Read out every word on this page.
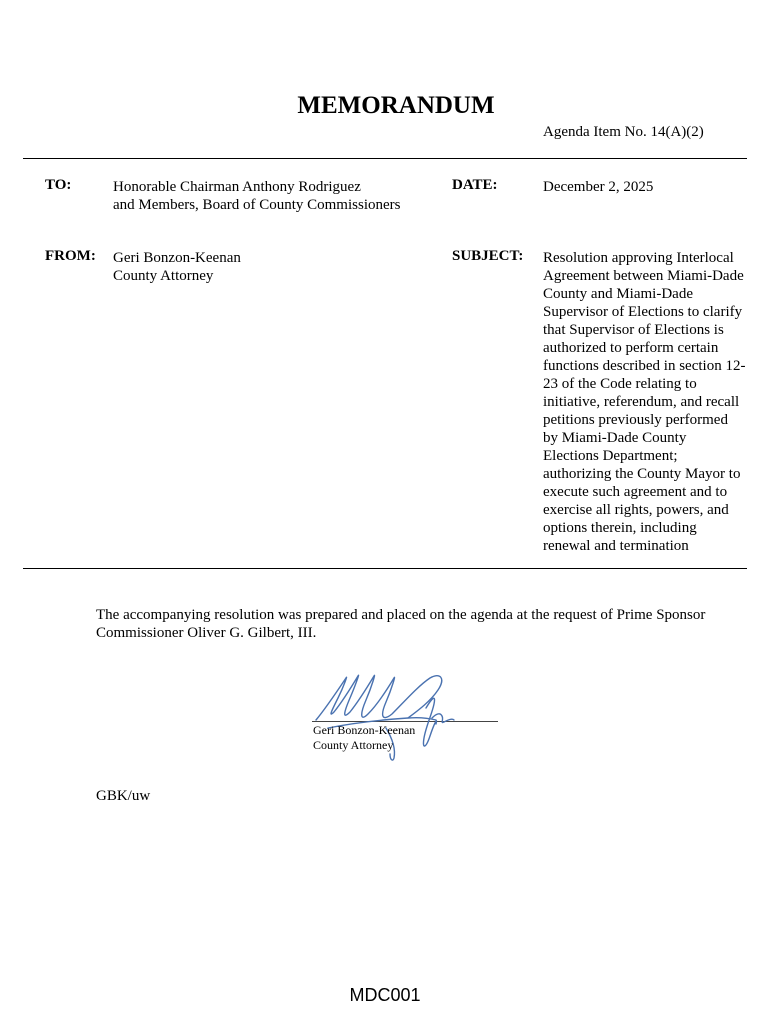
MEMORANDUM
Agenda Item No. 14(A)(2)
TO:	Honorable Chairman Anthony Rodriguez
and Members, Board of County Commissioners
DATE:	December 2, 2025
FROM: Geri Bonzon-Keenan
County Attorney
SUBJECT: Resolution approving Interlocal
Agreement between Miami-Dade
County and Miami-Dade
Supervisor of Elections to clarify
that Supervisor of Elections is
authorized to perform certain
functions described in section 12-
23 of the Code relating to
initiative, referendum, and recall
petitions previously performed
by Miami-Dade County
Elections Department;
authorizing the County Mayor to
execute such agreement and to
exercise all rights, powers, and
options therein, including
renewal and termination
The accompanying resolution was prepared and placed on the agenda at the request of Prime Sponsor
Commissioner Oliver G. Gilbert, III.
Geri Bonzon-Keenan
County Attorney
GBK/uw
MDC001
